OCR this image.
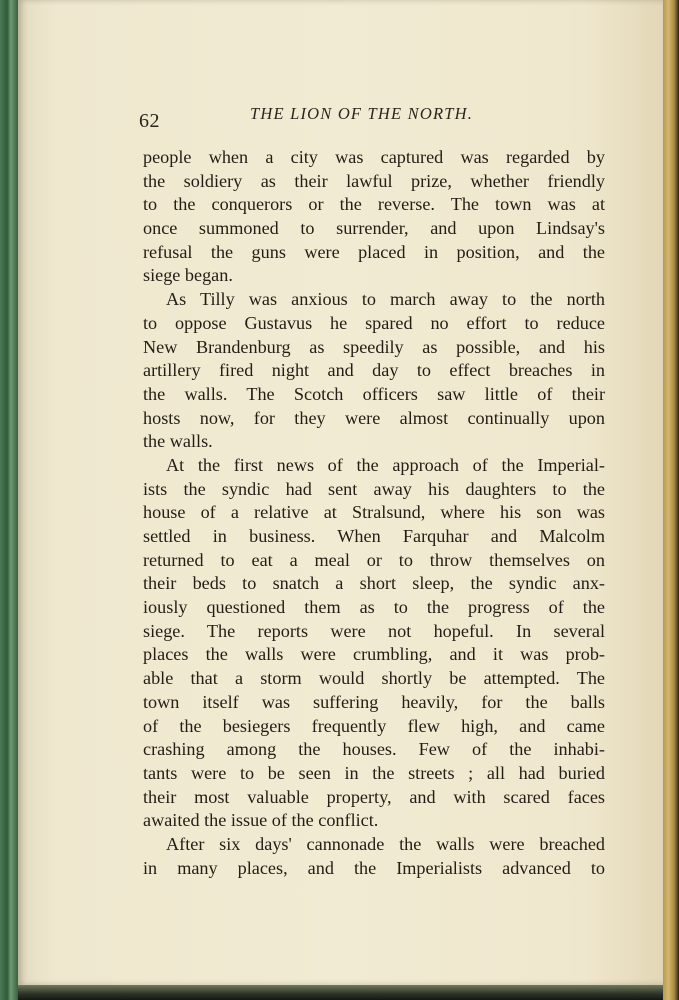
62	THE LION OF THE NORTH.
people when a city was captured was regarded by
the soldiery as their lawful prize, whether friendly
to the conquerors or the reverse. The town was at
once summoned to surrender, and upon Lindsay's
refusal the guns were placed in position, and the
siege began.
As Tilly was anxious to march away to the north
to oppose Gustavus he spared no effort to reduce
New Brandenburg as speedily as possible, and his
artillery fired night and day to effect breaches in
the walls. The Scotch officers saw little of their
hosts now, for they were almost continually upon
the walls.
At the first news of the approach of the Imperial-
ists the syndic had sent away his daughters to the
house of a relative at Stralsund, where his son was
settled in business. When Farquhar and Malcolm
returned to eat a meal or to throw themselves on
their beds to snatch a short sleep, the syndic anx-
iously questioned them as to the progress of the
siege. The reports were not hopeful. In several
places the walls were crumbling, and it was prob-
able that a storm would shortly be attempted. The
town itself was suffering heavily, for the balls
of the besiegers frequently flew high, and came
crashing among the houses. Few of the inhabi-
tants were to be seen in the streets ; all had buried
their most valuable property, and with scared faces
awaited the issue of the conflict.
After six days' cannonade the walls were breached
in many places, and the Imperialists advanced to
